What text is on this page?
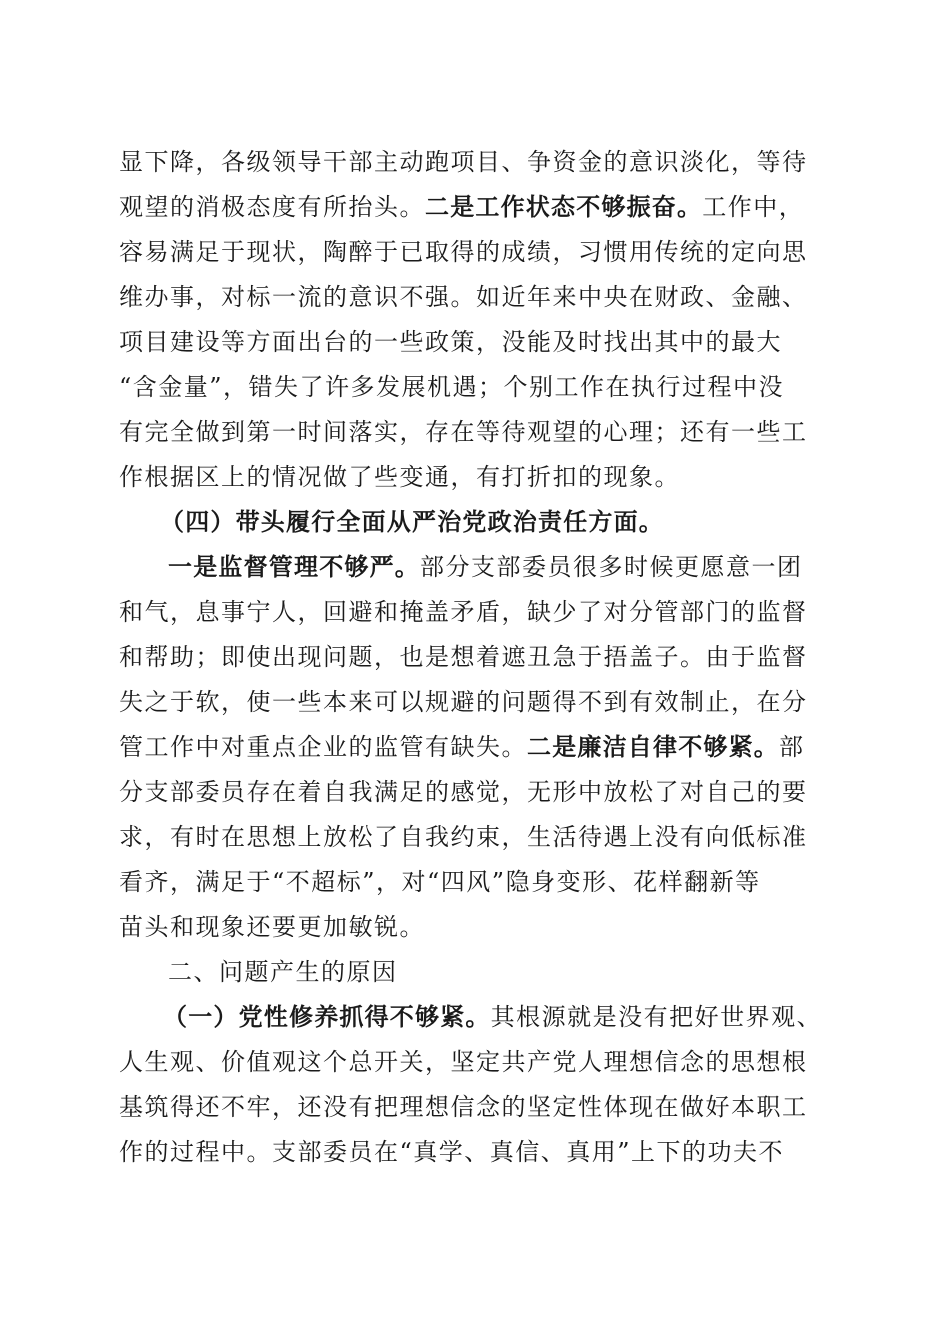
显下降，各级领导干部主动跑项目、争资金的意识淡化，等待
观望的消极态度有所抬头。二是工作状态不够振奋。工作中，
容易满足于现状，陶醉于已取得的成绩，习惯用传统的定向思
维办事，对标一流的意识不强。如近年来中央在财政、金融、
项目建设等方面出台的一些政策，没能及时找出其中的最大
“含金量”，错失了许多发展机遇；个别工作在执行过程中没
有完全做到第一时间落实，存在等待观望的心理；还有一些工
作根据区上的情况做了些变通，有打折扣的现象。
（四）带头履行全面从严治党政治责任方面。
一是监督管理不够严。部分支部委员很多时候更愿意一团
和气，息事宁人，回避和掩盖矛盾，缺少了对分管部门的监督
和帮助；即使出现问题，也是想着遮丑急于捂盖子。由于监督
失之于软，使一些本来可以规避的问题得不到有效制止，在分
管工作中对重点企业的监管有缺失。二是廉洁自律不够紧。部
分支部委员存在着自我满足的感觉，无形中放松了对自己的要
求，有时在思想上放松了自我约束，生活待遇上没有向低标准
看齐，满足于“不超标”，对“四风”隐身变形、花样翻新等
苗头和现象还要更加敏锐。
二、问题产生的原因
（一）党性修养抓得不够紧。其根源就是没有把好世界观、
人生观、价值观这个总开关，坚定共产党人理想信念的思想根
基筑得还不牢，还没有把理想信念的坚定性体现在做好本职工
作的过程中。支部委员在“真学、真信、真用”上下的功夫不
